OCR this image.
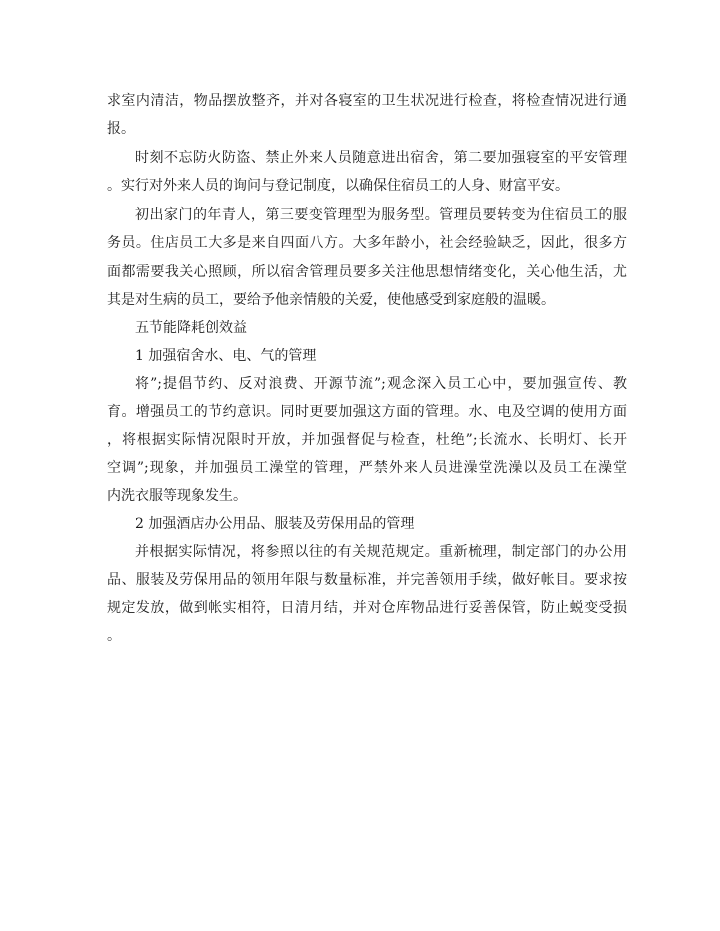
求室内清洁，物品摆放整齐，并对各寝室的卫生状况进行检查，将检查情况进行通
报。
时刻不忘防火防盗、禁止外来人员随意进出宿舍，第二要加强寝室的平安管理
。实行对外来人员的询问与登记制度，以确保住宿员工的人身、财富平安。
初出家门的年青人，第三要变管理型为服务型。管理员要转变为住宿员工的服
务员。住店员工大多是来自四面八方。大多年龄小，社会经验缺乏，因此，很多方
面都需要我关心照顾，所以宿舍管理员要多关注他思想情绪变化，关心他生活，尤
其是对生病的员工，要给予他亲情般的关爱，使他感受到家庭般的温暖。
五节能降耗创效益
1 加强宿舍水、电、气的管理
将”;提倡节约、反对浪费、开源节流”;观念深入员工心中，要加强宣传、教
育。增强员工的节约意识。同时更要加强这方面的管理。水、电及空调的使用方面
，将根据实际情况限时开放，并加强督促与检查，杜绝”;长流水、长明灯、长开
空调”;现象，并加强员工澡堂的管理，严禁外来人员进澡堂洗澡以及员工在澡堂
内洗衣服等现象发生。
2 加强酒店办公用品、服装及劳保用品的管理
并根据实际情况，将参照以往的有关规范规定。重新梳理，制定部门的办公用
品、服装及劳保用品的领用年限与数量标准，并完善领用手续，做好帐目。要求按
规定发放，做到帐实相符，日清月结，并对仓库物品进行妥善保管，防止蜕变受损
。
